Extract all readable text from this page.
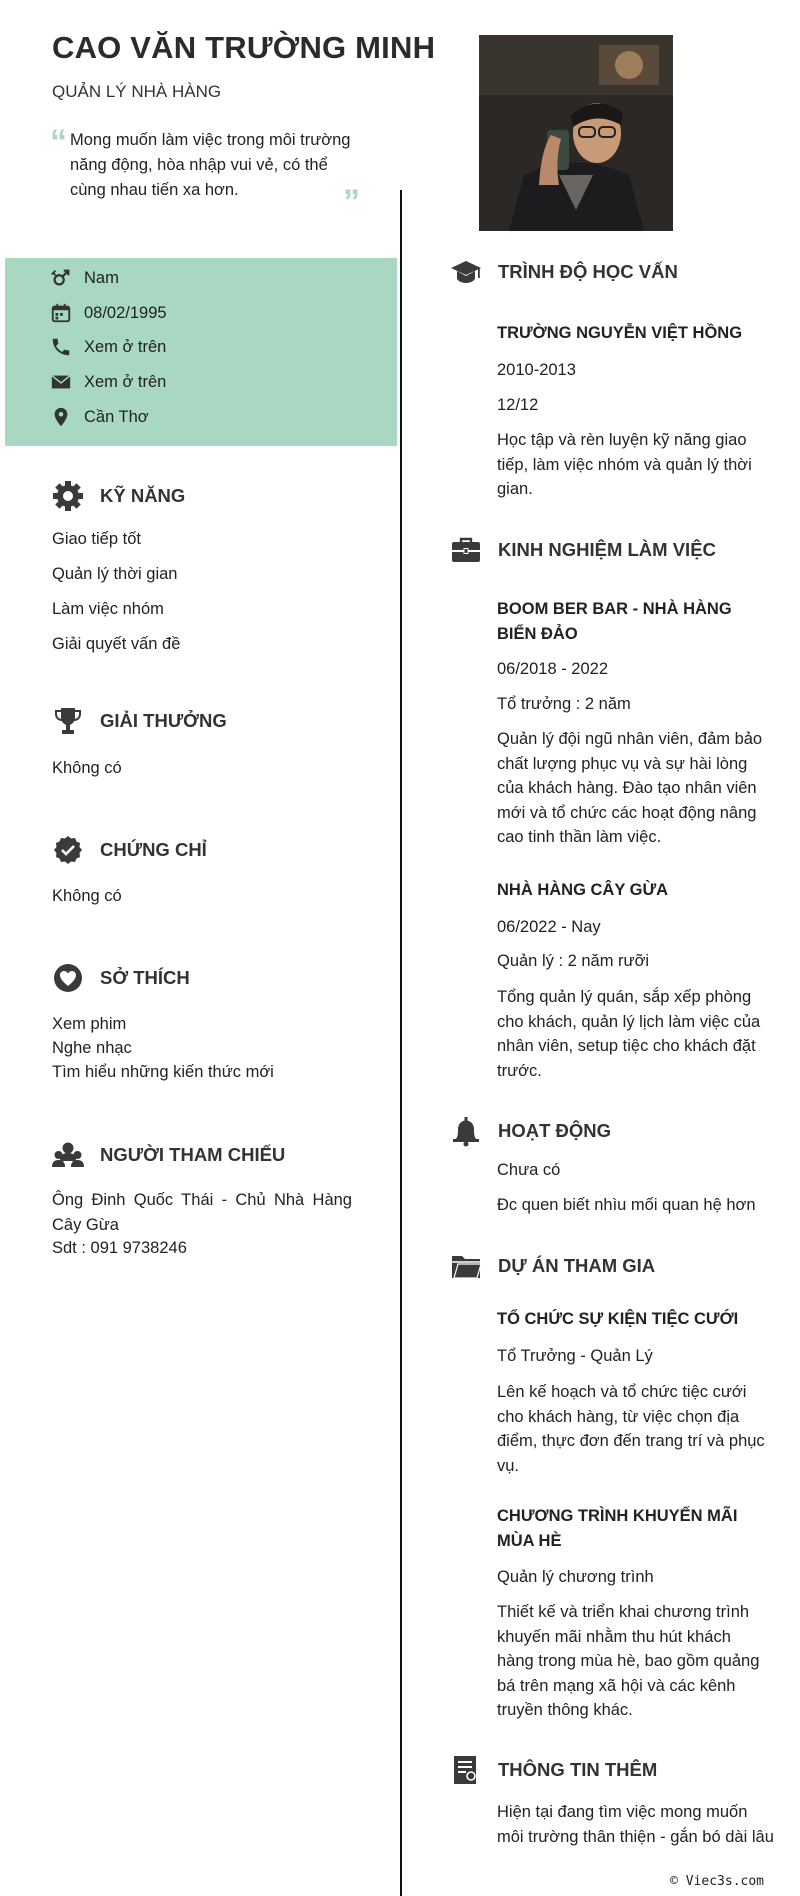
CAO VĂN TRƯỜNG MINH
QUẢN LÝ NHÀ HÀNG
“ Mong muốn làm việc trong môi trường năng động, hòa nhập vui vẻ, có thể cùng nhau tiến xa hơn.	”
Nam
08/02/1995
Xem ở trên
Xem ở trên
Cần Thơ
KỸ NĂNG
Giao tiếp tốt
Quản lý thời gian
Làm việc nhóm
Giải quyết vấn đề
GIẢI THƯỞNG
Không có
CHỨNG CHỈ
Không có
SỞ THÍCH
Xem phim
Nghe nhạc
Tìm hiểu những kiến thức mới
NGƯỜI THAM CHIẾU
Ông Đinh Quốc Thái - Chủ Nhà Hàng Cây Gừa
Sdt : 091 9738246
TRÌNH ĐỘ HỌC VẤN
TRƯỜNG NGUYỄN VIỆT HỒNG
2010-2013
12/12
Học tập và rèn luyện kỹ năng giao tiếp, làm việc nhóm và quản lý thời gian.
KINH NGHIỆM LÀM VIỆC
BOOM BER BAR - NHÀ HÀNG BIỂN ĐẢO
06/2018 - 2022
Tổ trưởng : 2 năm
Quản lý đội ngũ nhân viên, đảm bảo chất lượng phục vụ và sự hài lòng của khách hàng. Đào tạo nhân viên mới và tổ chức các hoạt động nâng cao tinh thần làm việc.
NHÀ HÀNG CÂY GỪA
06/2022 - Nay
Quản lý : 2 năm rưỡi
Tổng quản lý quán, sắp xếp phòng cho khách, quản lý lịch làm việc của nhân viên, setup tiệc cho khách đặt trước.
HOẠT ĐỘNG
Chưa có
Đc quen biết nhìu mối quan hệ hơn
DỰ ÁN THAM GIA
TỔ CHỨC SỰ KIỆN TIỆC CƯỚI
Tổ Trưởng - Quản Lý
Lên kế hoạch và tổ chức tiệc cưới cho khách hàng, từ việc chọn địa điểm, thực đơn đến trang trí và phục vụ.
CHƯƠNG TRÌNH KHUYẾN MÃI MÙA HÈ
Quản lý chương trình
Thiết kế và triển khai chương trình khuyến mãi nhằm thu hút khách hàng trong mùa hè, bao gồm quảng bá trên mạng xã hội và các kênh truyền thông khác.
THÔNG TIN THÊM
Hiện tại đang tìm việc mong muốn môi trường thân thiện - gắn bó dài lâu
© Viec3s.com
